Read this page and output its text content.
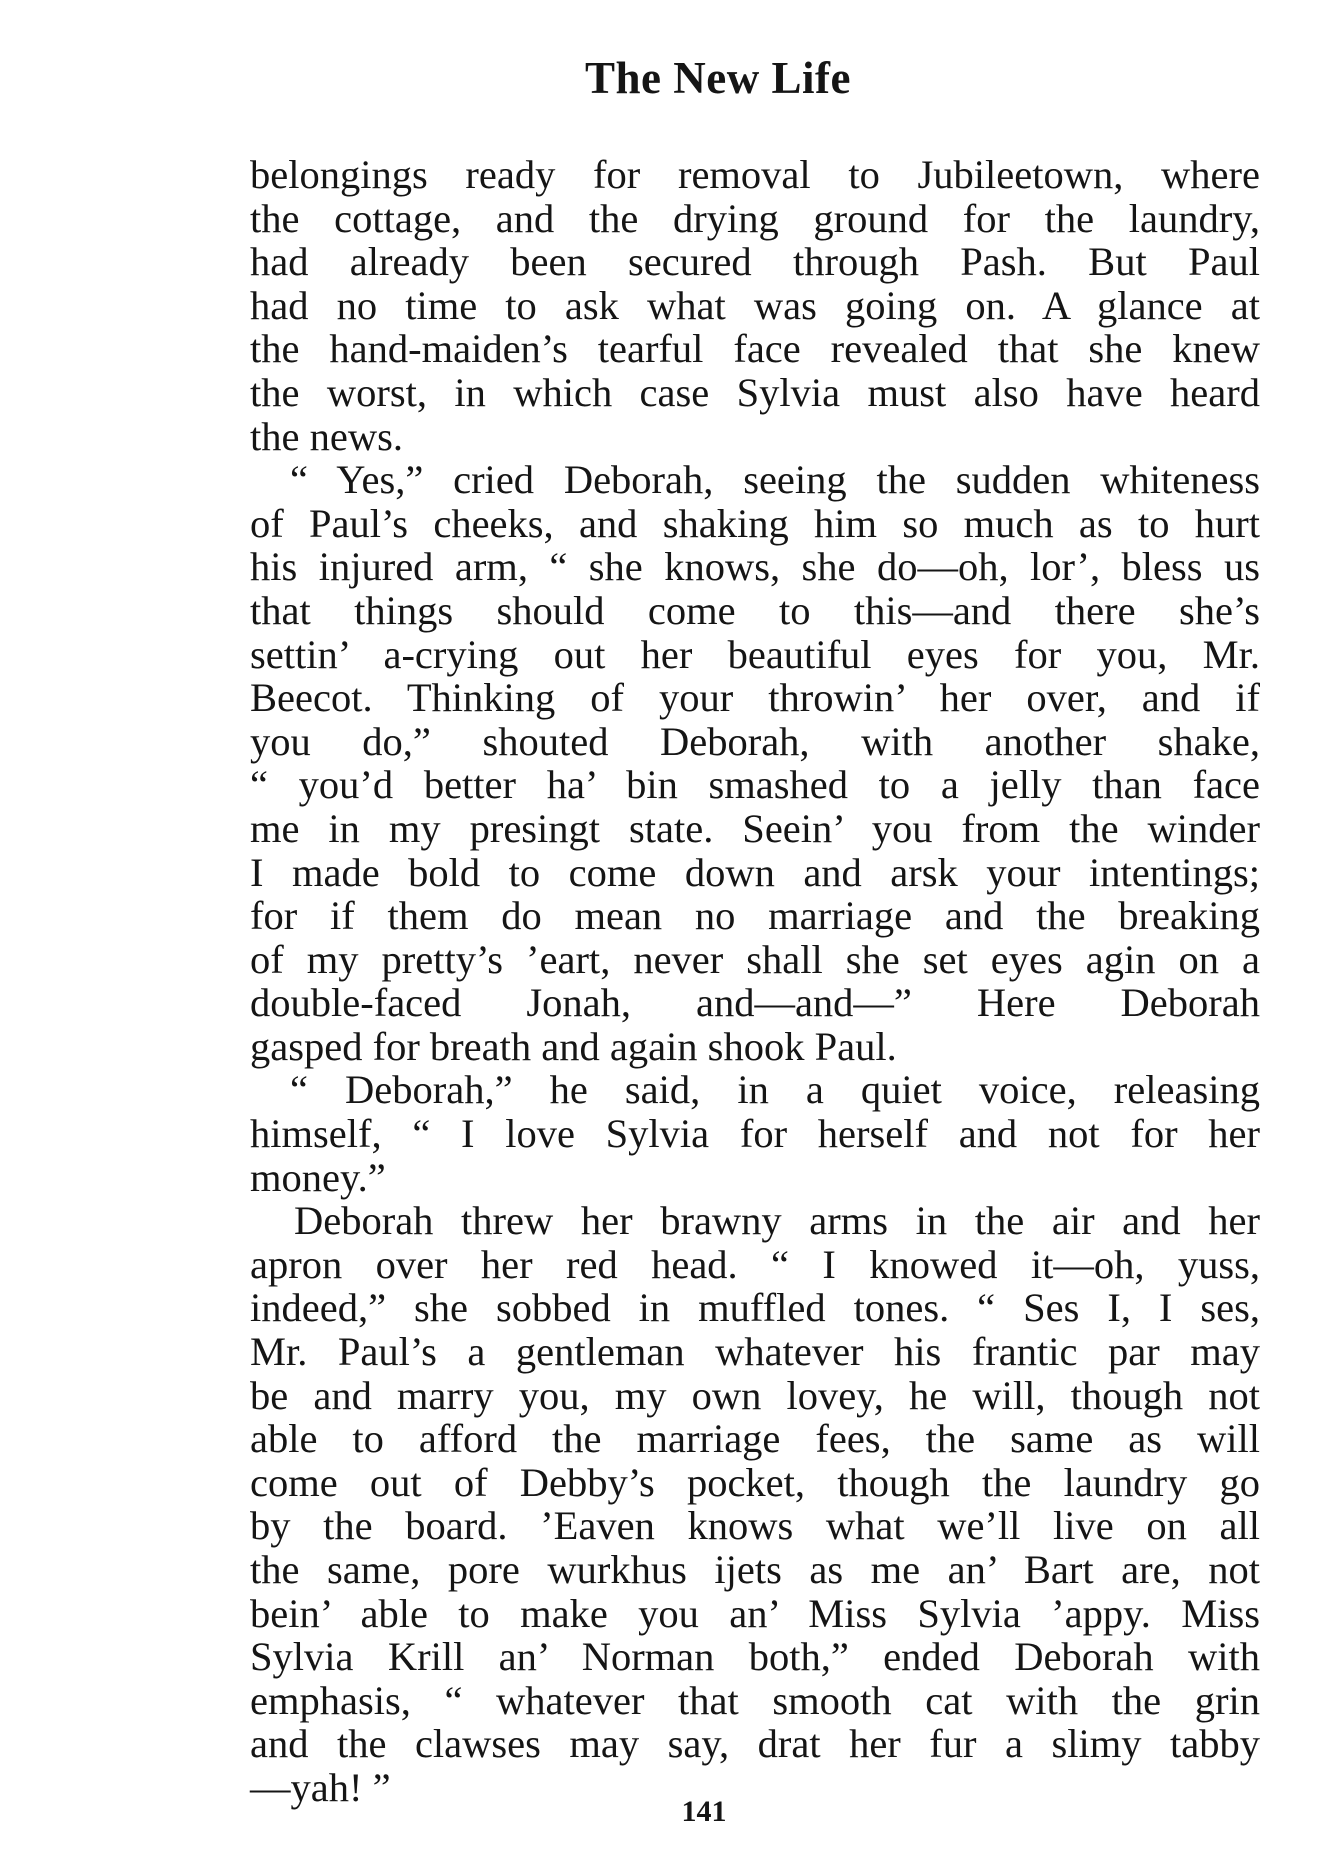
The New Life
belongings ready for removal to Jubileetown, where
the cottage, and the drying ground for the laundry,
had already been secured through Pash. But Paul
had no time to ask what was going on. A glance at
the hand-maiden’s tearful face revealed that she knew
the worst, in which case Sylvia must also have heard
the news.
“ Yes,” cried Deborah, seeing the sudden whiteness
of Paul’s cheeks, and shaking him so much as to hurt
his injured arm, “ she knows, she do—oh, lor’, bless us
that things should come to this—and there she’s
settin’ a-crying out her beautiful eyes for you, Mr.
Beecot. Thinking of your throwin’ her over, and if
you do,” shouted Deborah, with another shake,
“ you’d better ha’ bin smashed to a jelly than face
me in my presingt state. Seein’ you from the winder
I made bold to come down and arsk your intentings;
for if them do mean no marriage and the breaking
of my pretty’s ’eart, never shall she set eyes agin on a
double-faced Jonah, and—and—” Here Deborah
gasped for breath and again shook Paul.
“ Deborah,” he said, in a quiet voice, releasing
himself, “ I love Sylvia for herself and not for her
money.”
Deborah threw her brawny arms in the air and her
apron over her red head. “ I knowed it—oh, yuss,
indeed,” she sobbed in muffled tones. “ Ses I, I ses,
Mr. Paul’s a gentleman whatever his frantic par may
be and marry you, my own lovey, he will, though not
able to afford the marriage fees, the same as will
come out of Debby’s pocket, though the laundry go
by the board. ’Eaven knows what we’ll live on all
the same, pore wurkhus ijets as me an’ Bart are, not
bein’ able to make you an’ Miss Sylvia ’appy. Miss
Sylvia Krill an’ Norman both,” ended Deborah with
emphasis, “ whatever that smooth cat with the grin
and the clawses may say, drat her fur a slimy tabby
—yah! ”
141
